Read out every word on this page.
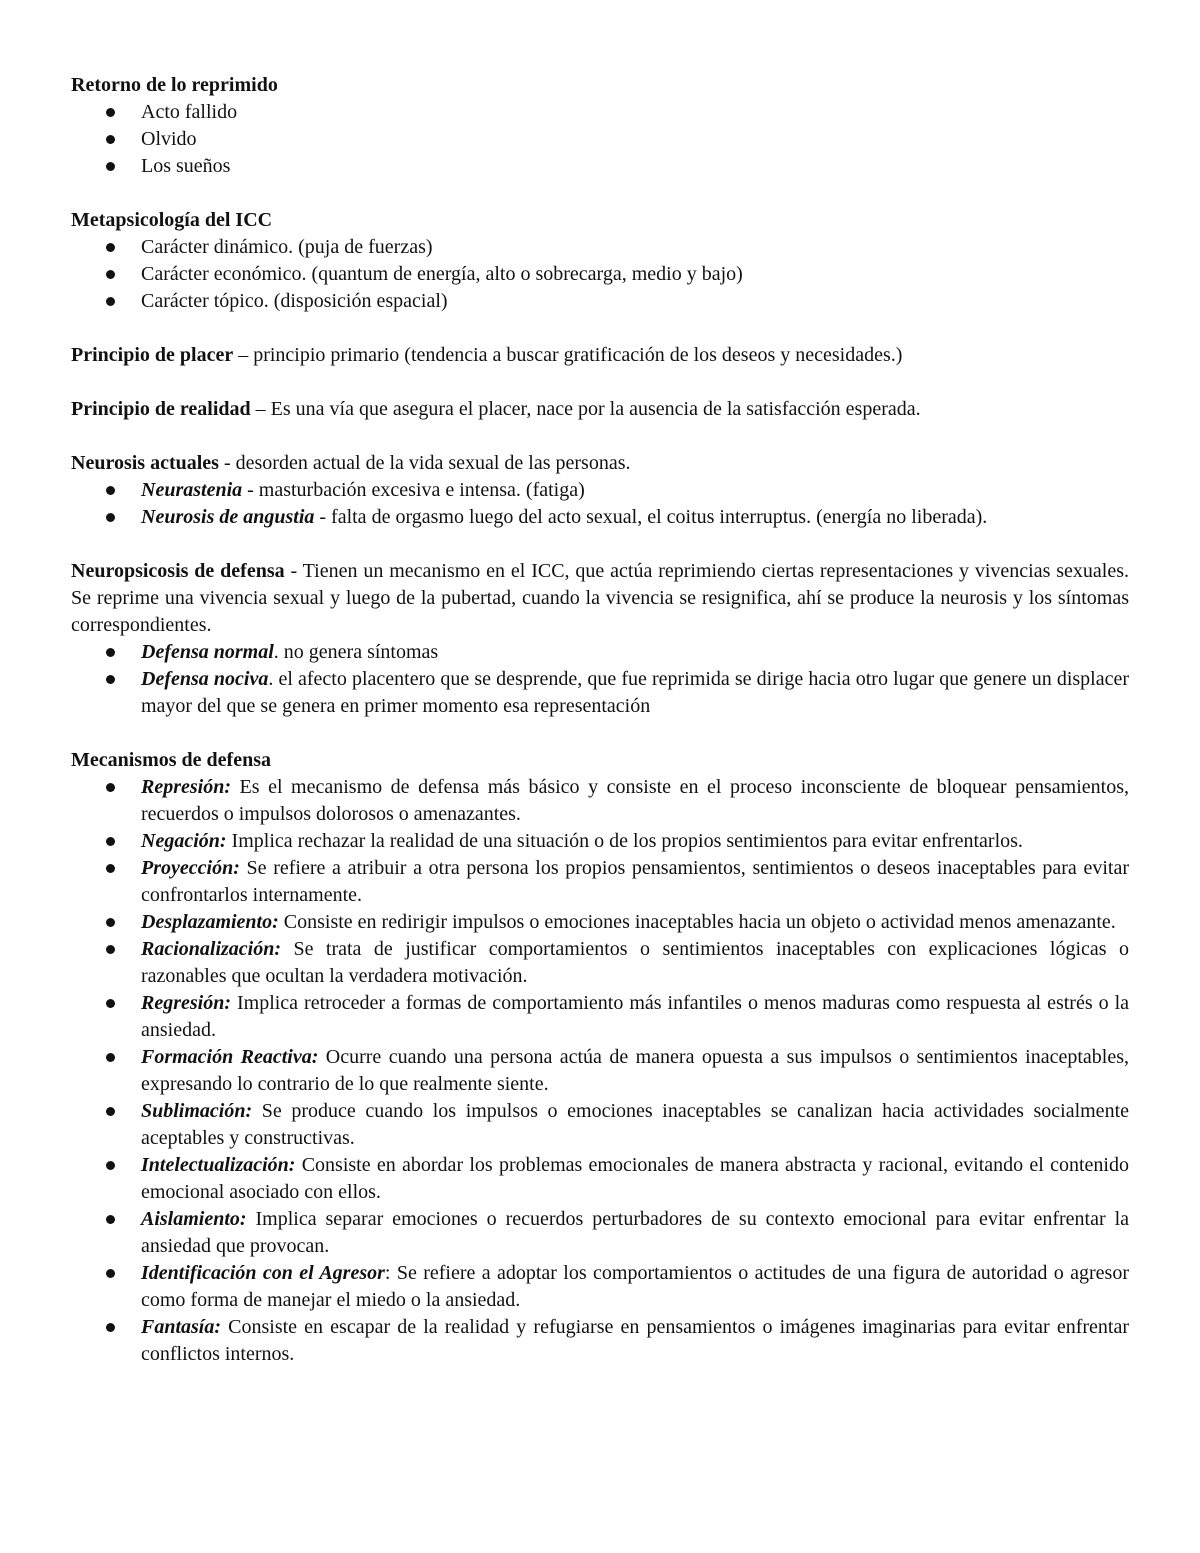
Retorno de lo reprimido

Acto fallido
Olvido
Los sueños

Metapsicología del ICC

Carácter dinámico. (puja de fuerzas)
Carácter económico. (quantum de energía, alto o sobrecarga, medio y bajo)
Carácter tópico. (disposición espacial)

Principio de placer – principio primario (tendencia a buscar gratificación de los deseos y necesidades.)

Principio de realidad – Es una vía que asegura el placer, nace por la ausencia de la satisfacción esperada.

Neurosis actuales - desorden actual de la vida sexual de las personas.

Neurastenia - masturbación excesiva e intensa. (fatiga)
Neurosis de angustia - falta de orgasmo luego del acto sexual, el coitus interruptus. (energía no liberada).

Neuropsicosis de defensa - Tienen un mecanismo en el ICC, que actúa reprimiendo ciertas representaciones y vivencias sexuales. Se reprime una vivencia sexual y luego de la pubertad, cuando la vivencia se resignifica, ahí se produce la neurosis y los síntomas correspondientes.

Defensa normal. no genera síntomas
Defensa nociva. el afecto placentero que se desprende, que fue reprimida se dirige hacia otro lugar que genere un displacer mayor del que se genera en primer momento esa representación

Mecanismos de defensa

Represión: Es el mecanismo de defensa más básico y consiste en el proceso inconsciente de bloquear pensamientos, recuerdos o impulsos dolorosos o amenazantes.
Negación: Implica rechazar la realidad de una situación o de los propios sentimientos para evitar enfrentarlos.
Proyección: Se refiere a atribuir a otra persona los propios pensamientos, sentimientos o deseos inaceptables para evitar confrontarlos internamente.
Desplazamiento: Consiste en redirigir impulsos o emociones inaceptables hacia un objeto o actividad menos amenazante.
Racionalización: Se trata de justificar comportamientos o sentimientos inaceptables con explicaciones lógicas o razonables que ocultan la verdadera motivación.
Regresión: Implica retroceder a formas de comportamiento más infantiles o menos maduras como respuesta al estrés o la ansiedad.
Formación Reactiva: Ocurre cuando una persona actúa de manera opuesta a sus impulsos o sentimientos inaceptables, expresando lo contrario de lo que realmente siente.
Sublimación: Se produce cuando los impulsos o emociones inaceptables se canalizan hacia actividades socialmente aceptables y constructivas.
Intelectualización: Consiste en abordar los problemas emocionales de manera abstracta y racional, evitando el contenido emocional asociado con ellos.
Aislamiento: Implica separar emociones o recuerdos perturbadores de su contexto emocional para evitar enfrentar la ansiedad que provocan.
Identificación con el Agresor: Se refiere a adoptar los comportamientos o actitudes de una figura de autoridad o agresor como forma de manejar el miedo o la ansiedad.
Fantasía: Consiste en escapar de la realidad y refugiarse en pensamientos o imágenes imaginarias para evitar enfrentar conflictos internos.
